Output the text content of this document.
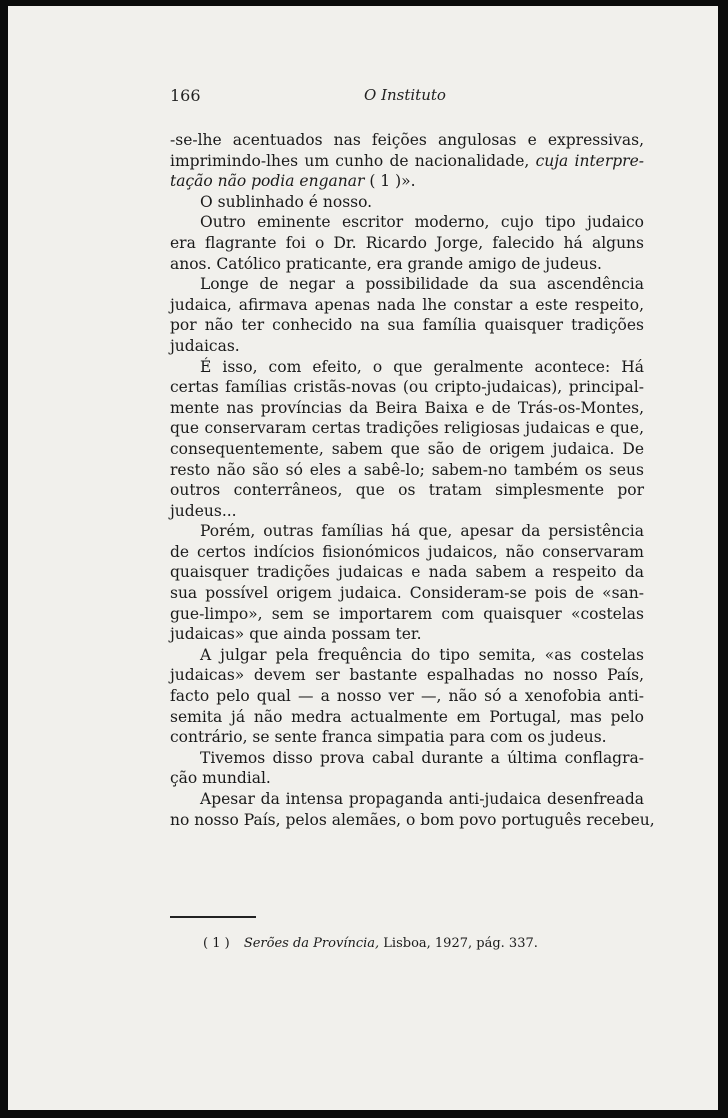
166	O Instituto

-se-lhe acentuados nas feições angulosas e expressivas,
imprimindo-lhes um cunho de nacionalidade, cuja interpre-
tação não podia enganar ( 1 )».

O sublinhado é nosso.

Outro eminente escritor moderno, cujo tipo judaico
era flagrante foi o Dr. Ricardo Jorge, falecido há alguns
anos. Católico praticante, era grande amigo de judeus.

Longe de negar a possibilidade da sua ascendência
judaica, afirmava apenas nada lhe constar a este respeito,
por não ter conhecido na sua família quaisquer tradições
judaicas.

É isso, com efeito, o que geralmente acontece: Há
certas famílias cristãs-novas (ou cripto-judaicas), principal-
mente nas províncias da Beira Baixa e de Trás-os-Montes,
que conservaram certas tradições religiosas judaicas e que,
consequentemente, sabem que são de origem judaica. De
resto não são só eles a sabê-lo; sabem-no também os seus
outros conterrâneos, que os tratam simplesmente por
judeus...

Porém, outras famílias há que, apesar da persistência
de certos indícios fisionómicos judaicos, não conservaram
quaisquer tradições judaicas e nada sabem a respeito da
sua possível origem judaica. Consideram-se pois de «san-
gue-limpo», sem se importarem com quaisquer «costelas
judaicas» que ainda possam ter.

A julgar pela frequência do tipo semita, «as costelas
judaicas» devem ser bastante espalhadas no nosso País,
facto pelo qual — a nosso ver —, não só a xenofobia anti-
semita já não medra actualmente em Portugal, mas pelo
contrário, se sente franca simpatia para com os judeus.

Tivemos disso prova cabal durante a última conflagra-
ção mundial.

Apesar da intensa propaganda anti-judaica desenfreada
no nosso País, pelos alemães, o bom povo português recebeu,

( 1 ) Serões da Província, Lisboa, 1927, pág. 337.
